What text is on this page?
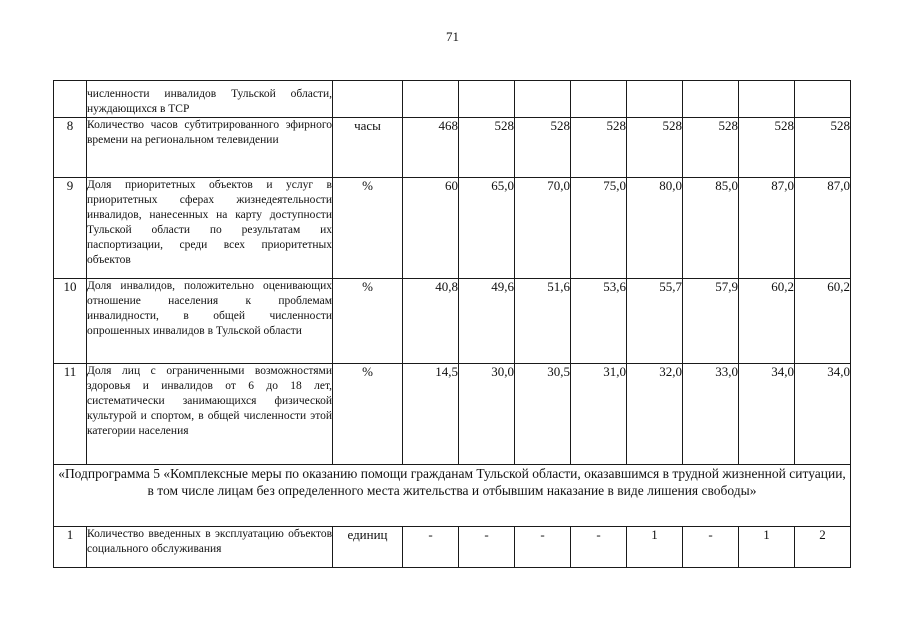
71
	численности инвалидов Тульской области, нуждающихся в ТСР									
8	Количество часов субтитрированного эфирного времени на региональном телевидении	часы	468	528	528	528	528	528	528	528
9	Доля приоритетных объектов и услуг в приоритетных сферах жизнедеятельности инвалидов, нанесенных на карту доступности Тульской области по результатам их паспортизации, среди всех приоритетных объектов	%	60	65,0	70,0	75,0	80,0	85,0	87,0	87,0
10	Доля инвалидов, положительно оценивающих отношение населения к проблемам инвалидности, в общей численности опрошенных инвалидов в Тульской области	%	40,8	49,6	51,6	53,6	55,7	57,9	60,2	60,2
11	Доля лиц с ограниченными возможностями здоровья и инвалидов от 6 до 18 лет, систематически занимающихся физической культурой и спортом, в общей численности этой категории населения	%	14,5	30,0	30,5	31,0	32,0	33,0	34,0	34,0
«Подпрограмма 5 «Комплексные меры по оказанию помощи гражданам Тульской области, оказавшимся в трудной жизненной ситуации, в том числе лицам без определенного места жительства и отбывшим наказание в виде лишения свободы»										
1	Количество введенных в эксплуатацию объектов социального обслуживания	единиц	-	-	-	-	1	-	1	2
